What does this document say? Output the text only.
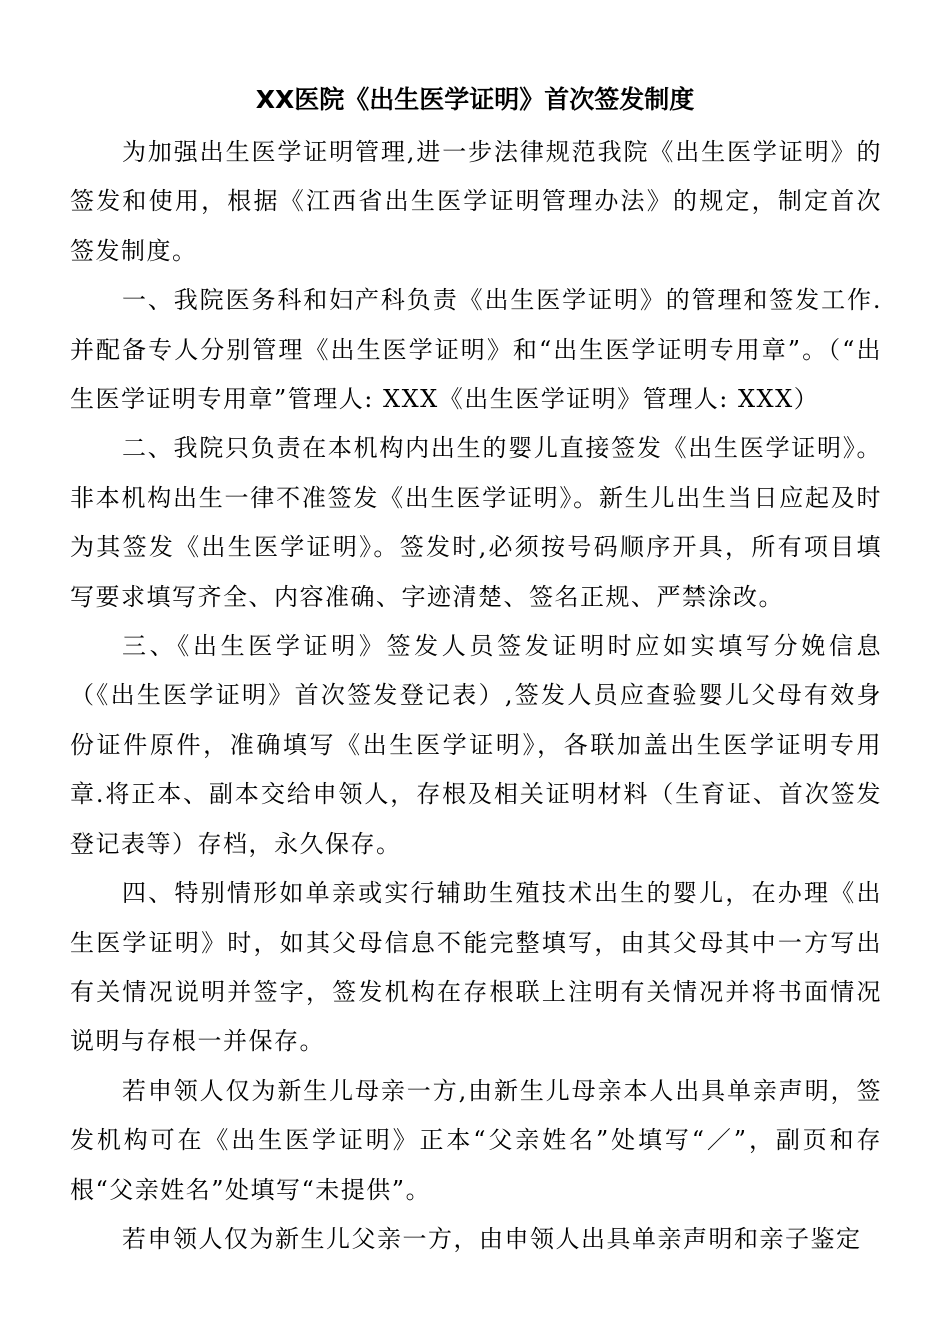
XX医院《出生医学证明》首次签发制度

为加强出生医学证明管理,进一步法律规范我院《出生医学证明》的签发和使用，根据《江西省出生医学证明管理办法》的规定，制定首次签发制度。

一、我院医务科和妇产科负责《出生医学证明》的管理和签发工作.并配备专人分别管理《出生医学证明》和“出生医学证明专用章”。（“出生医学证明专用章”管理人: XXX《出生医学证明》管理人: XXX）

二、我院只负责在本机构内出生的婴儿直接签发《出生医学证明》。非本机构出生一律不准签发《出生医学证明》。新生儿出生当日应起及时为其签发《出生医学证明》。签发时,必须按号码顺序开具，所有项目填写要求填写齐全、内容准确、字迹清楚、签名正规、严禁涂改。

三、《出生医学证明》签发人员签发证明时应如实填写分娩信息（《出生医学证明》首次签发登记表）,签发人员应查验婴儿父母有效身份证件原件，准确填写《出生医学证明》，各联加盖出生医学证明专用章.将正本、副本交给申领人，存根及相关证明材料（生育证、首次签发登记表等）存档，永久保存。

四、特别情形如单亲或实行辅助生殖技术出生的婴儿，在办理《出生医学证明》时，如其父母信息不能完整填写，由其父母其中一方写出有关情况说明并签字，签发机构在存根联上注明有关情况并将书面情况说明与存根一并保存。

若申领人仅为新生儿母亲一方,由新生儿母亲本人出具单亲声明，签发机构可在《出生医学证明》正本“父亲姓名”处填写“／”，副页和存根“父亲姓名”处填写“未提供”。

若申领人仅为新生儿父亲一方，由申领人出具单亲声明和亲子鉴定
